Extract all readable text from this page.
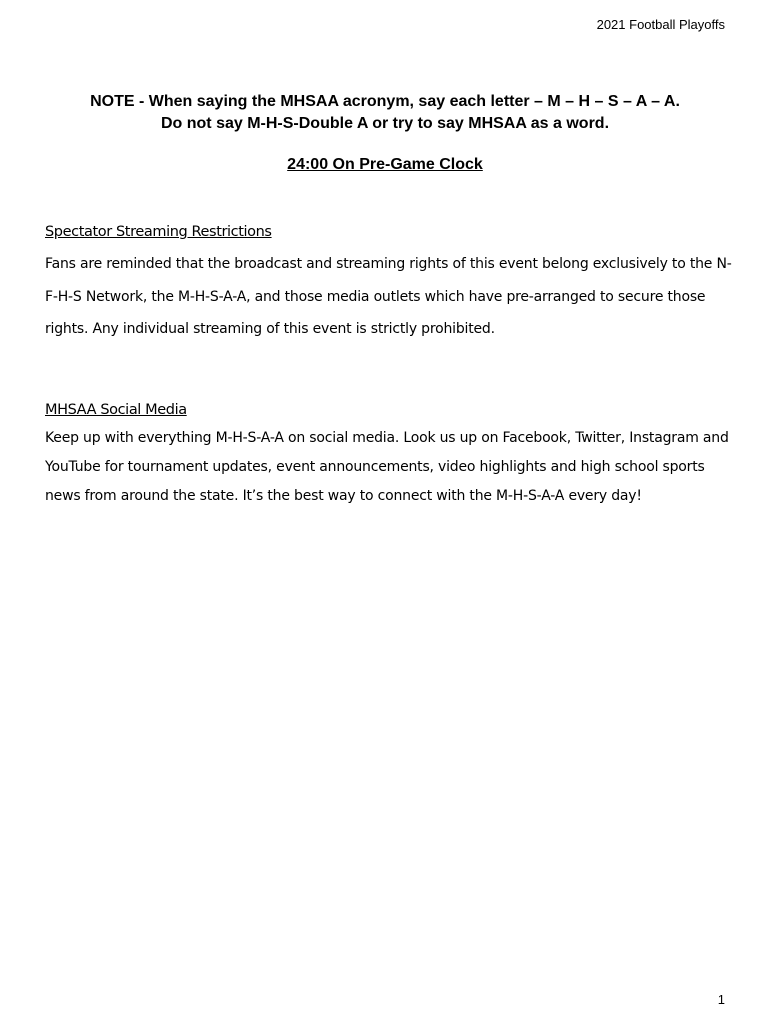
2021 Football Playoffs
NOTE - When saying the MHSAA acronym, say each letter – M – H – S – A – A.
Do not say M-H-S-Double A or try to say MHSAA as a word.
24:00 On Pre-Game Clock
Spectator Streaming Restrictions
Fans are reminded that the broadcast and streaming rights of this event belong exclusively to the N-F-H-S Network, the M-H-S-A-A, and those media outlets which have pre-arranged to secure those rights. Any individual streaming of this event is strictly prohibited.
MHSAA Social Media
Keep up with everything M-H-S-A-A on social media. Look us up on Facebook, Twitter, Instagram and YouTube for tournament updates, event announcements, video highlights and high school sports news from around the state. It’s the best way to connect with the M-H-S-A-A every day!
1
